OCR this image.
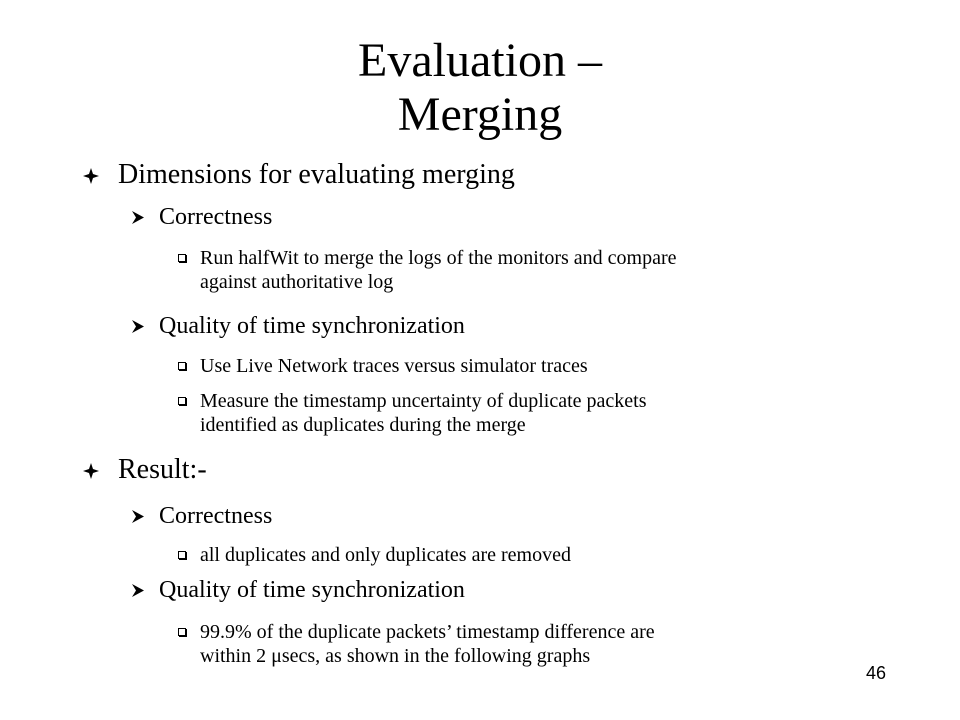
Evaluation –
Merging
Dimensions for evaluating merging
Correctness
Run halfWit to merge the logs of the monitors and compare
against authoritative log
Quality of time synchronization
Use Live Network traces versus simulator traces
Measure the timestamp uncertainty of duplicate packets
identified as duplicates during the merge
Result:-
Correctness
all duplicates and only duplicates are removed
Quality of time synchronization
99.9% of the duplicate packets’ timestamp difference are
within 2 μsecs, as shown in the following graphs
46
